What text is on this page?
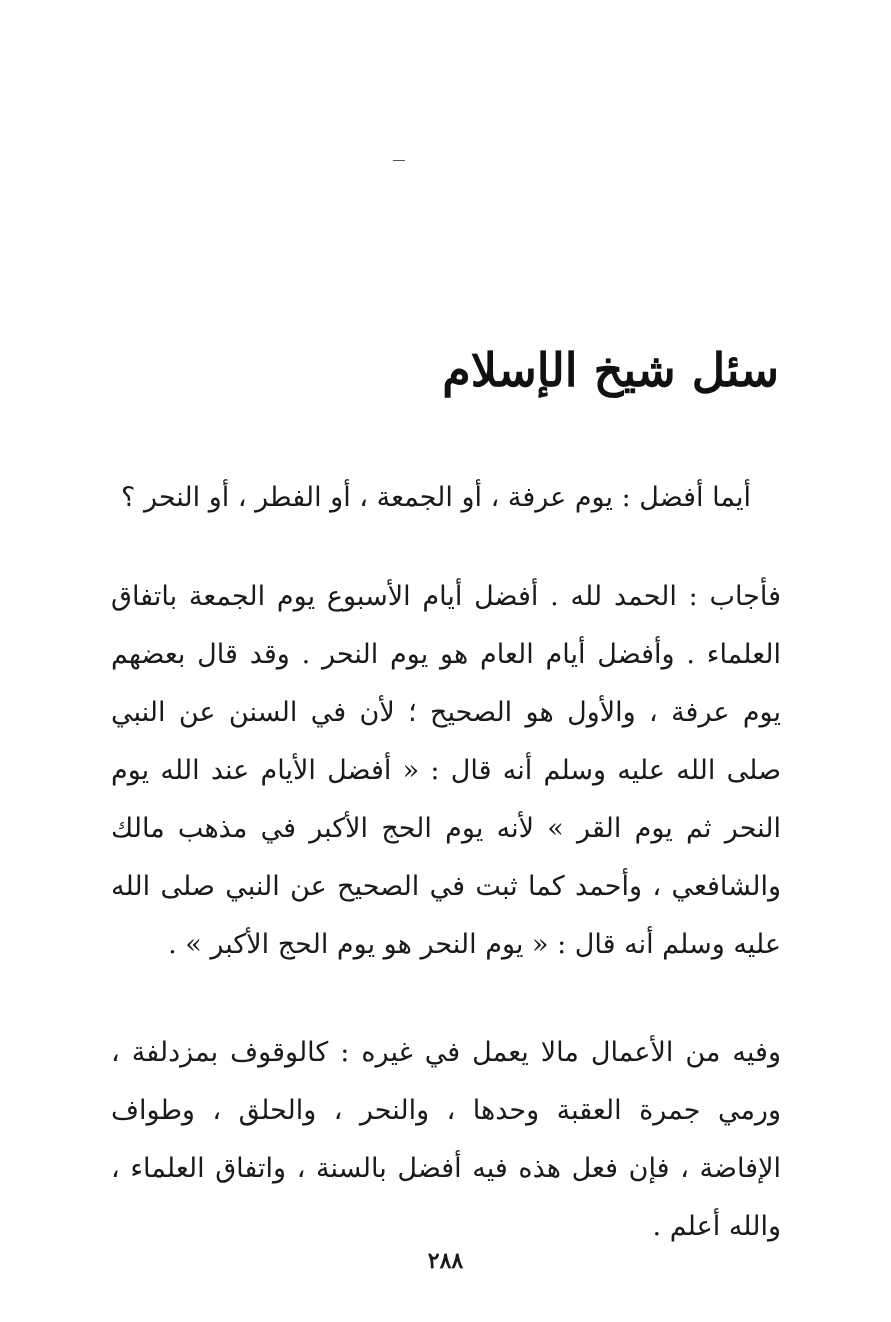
سئل شيخ الإسلام
أيما أفضل : يوم عرفة ، أو الجمعة ، أو الفطر ، أو النحر ؟
فأجاب : الحمد لله . أفضل أيام الأسبوع يوم الجمعة باتفاق العلماء . وأفضل أيام العام هو يوم النحر . وقد قال بعضهم يوم عرفة ، والأول هو الصحيح ؛ لأن في السنن عن النبي صلى الله عليه وسلم أنه قال : « أفضل الأيام عند الله يوم النحر ثم يوم القر » لأنه يوم الحج الأكبر في مذهب مالك والشافعي ، وأحمد كما ثبت في الصحيح عن النبي صلى الله عليه وسلم أنه قال : « يوم النحر هو يوم الحج الأكبر » .
وفيه من الأعمال مالا يعمل في غيره : كالوقوف بمزدلفة ، ورمي جمرة العقبة وحدها ، والنحر ، والحلق ، وطواف الإفاضة ، فإن فعل هذه فيه أفضل بالسنة ، واتفاق العلماء ، والله أعلم .
٢٨٨
